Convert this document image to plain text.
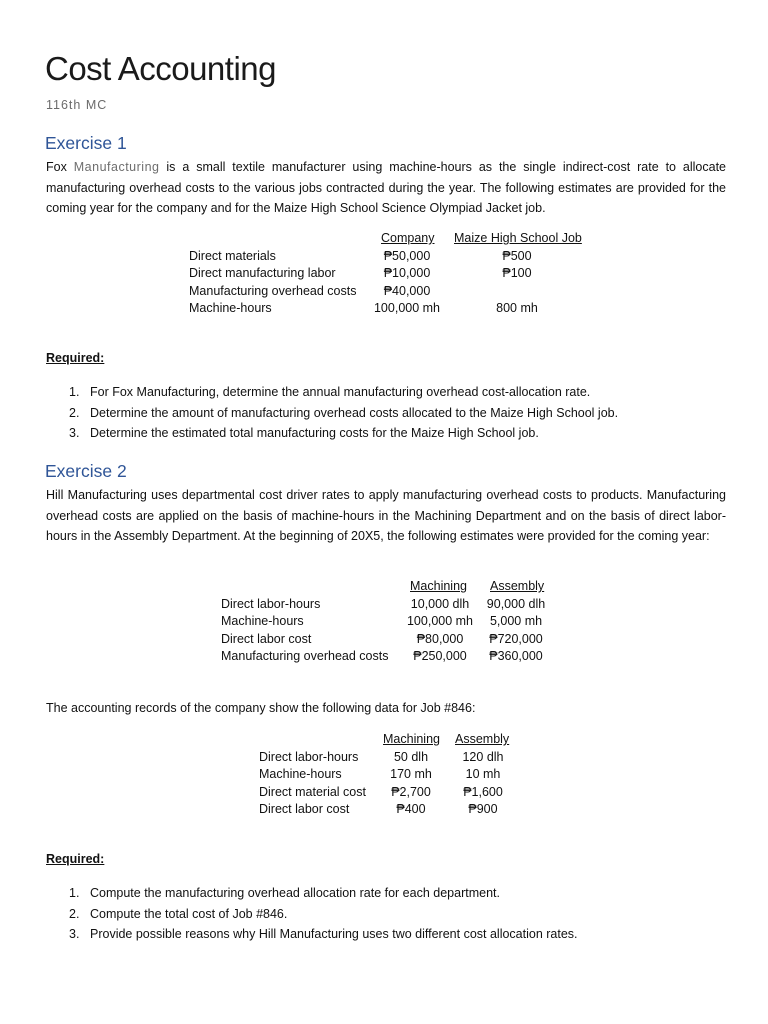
Cost Accounting
116th MC
Exercise 1

Fox Manufacturing is a small textile manufacturer using machine-hours as the single indirect-cost rate to allocate manufacturing overhead costs to the various jobs contracted during the year. The following estimates are provided for the coming year for the company and for the Maize High School Science Olympiad Jacket job.

Company Maize High School Job
Direct materials	₱50,000	₱500
Direct manufacturing labor	₱10,000	₱100
Manufacturing overhead costs	₱40,000
Machine-hours	100,000 mh	800 mh
Required:
1. For Fox Manufacturing, determine the annual manufacturing overhead cost-allocation rate.
2. Determine the amount of manufacturing overhead costs allocated to the Maize High School job.
3. Determine the estimated total manufacturing costs for the Maize High School job.
Exercise 2

Hill Manufacturing uses departmental cost driver rates to apply manufacturing overhead costs to products. Manufacturing overhead costs are applied on the basis of machine-hours in the Machining Department and on the basis of direct labor-hours in the Assembly Department. At the beginning of 20X5, the following estimates were provided for the coming year:

Machining Assembly
Direct labor-hours	10,000 dlh	90,000 dlh
Machine-hours	100,000 mh	5,000 mh
Direct labor cost	₱80,000	₱720,000
Manufacturing overhead costs	₱250,000	₱360,000
The accounting records of the company show the following data for Job #846:
Machining Assembly
Direct labor-hours	50 dlh	120 dlh
Machine-hours	170 mh	10 mh
Direct material cost	₱2,700	₱1,600
Direct labor cost	₱400	₱900
Required:
1. Compute the manufacturing overhead allocation rate for each department.
2. Compute the total cost of Job #846.
3. Provide possible reasons why Hill Manufacturing uses two different cost allocation rates.
